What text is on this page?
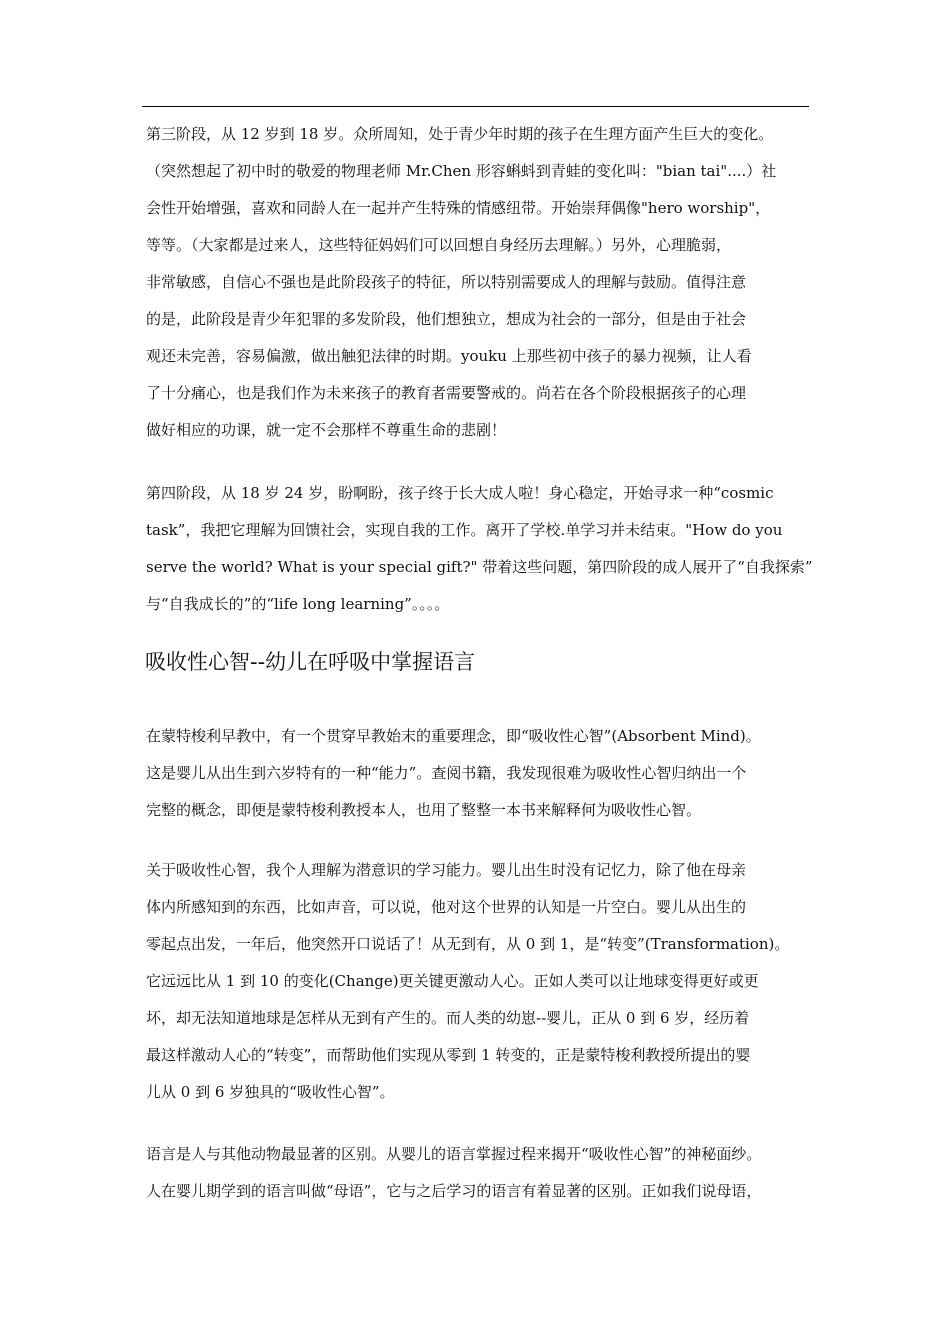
第三阶段，从 12 岁到 18 岁。众所周知，处于青少年时期的孩子在生理方面产生巨大的变化。
（突然想起了初中时的敬爱的物理老师 Mr.Chen 形容蝌蚪到青蛙的变化叫："bian tai"....）社
会性开始增强，喜欢和同龄人在一起并产生特殊的情感纽带。开始崇拜偶像"hero worship"，
等等。（大家都是过来人，这些特征妈妈们可以回想自身经历去理解。）另外，心理脆弱，
非常敏感，自信心不强也是此阶段孩子的特征，所以特别需要成人的理解与鼓励。值得注意
的是，此阶段是青少年犯罪的多发阶段，他们想独立，想成为社会的一部分，但是由于社会
观还未完善，容易偏激，做出触犯法律的时期。youku 上那些初中孩子的暴力视频，让人看
了十分痛心，也是我们作为未来孩子的教育者需要警戒的。尚若在各个阶段根据孩子的心理
做好相应的功课，就一定不会那样不尊重生命的悲剧！
第四阶段，从 18 岁 24 岁，盼啊盼，孩子终于长大成人啦！身心稳定，开始寻求一种“cosmic
task”，我把它理解为回馈社会，实现自我的工作。离开了学校.单学习并未结束。"How do you
serve the world? What is your special gift?" 带着这些问题，第四阶段的成人展开了“自我探索”
与“自我成长的”的“life long learning”。。。。
吸收性心智--幼儿在呼吸中掌握语言
在蒙特梭利早教中，有一个贯穿早教始末的重要理念，即“吸收性心智”(Absorbent Mind)。
这是婴儿从出生到六岁特有的一种“能力”。查阅书籍，我发现很难为吸收性心智归纳出一个
完整的概念，即便是蒙特梭利教授本人，也用了整整一本书来解释何为吸收性心智。
关于吸收性心智，我个人理解为潜意识的学习能力。婴儿出生时没有记忆力，除了他在母亲
体内所感知到的东西，比如声音，可以说，他对这个世界的认知是一片空白。婴儿从出生的
零起点出发，一年后，他突然开口说话了！从无到有，从 0 到 1，是“转变”(Transformation)。
它远远比从 1 到 10 的变化(Change)更关键更激动人心。正如人类可以让地球变得更好或更
坏，却无法知道地球是怎样从无到有产生的。而人类的幼崽--婴儿，正从 0 到 6 岁，经历着
最这样激动人心的“转变”，而帮助他们实现从零到 1 转变的，正是蒙特梭利教授所提出的婴
儿从 0 到 6 岁独具的“吸收性心智”。
语言是人与其他动物最显著的区别。从婴儿的语言掌握过程来揭开“吸收性心智”的神秘面纱。
人在婴儿期学到的语言叫做“母语”，它与之后学习的语言有着显著的区别。正如我们说母语，
